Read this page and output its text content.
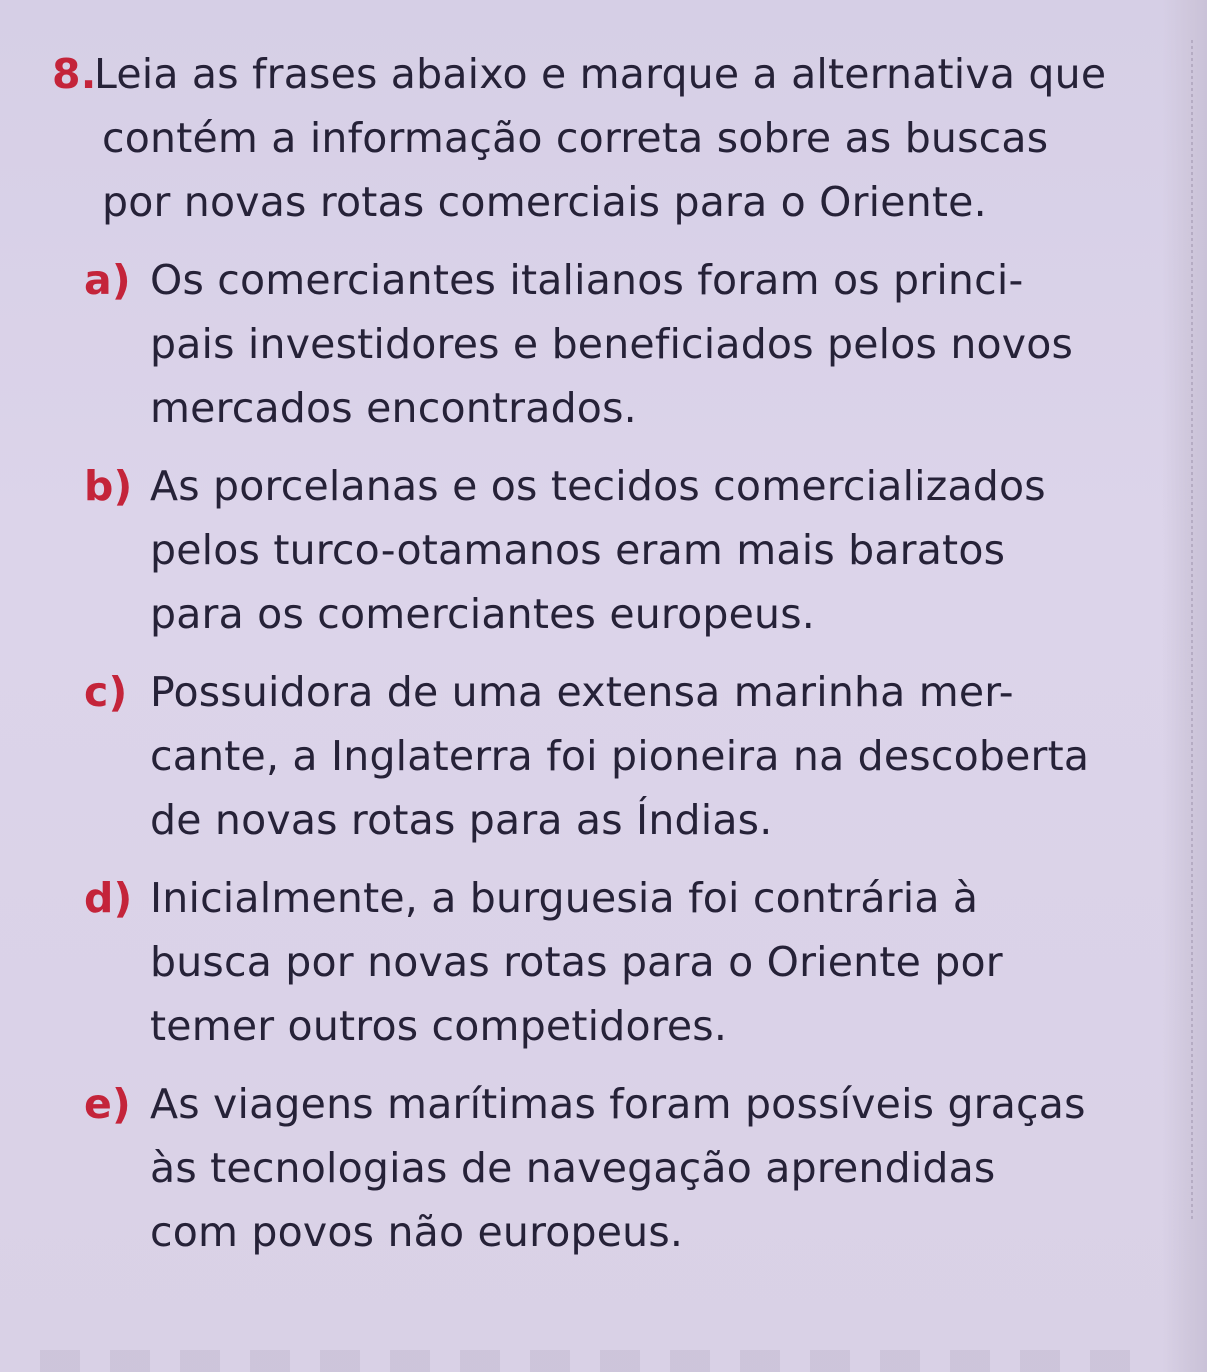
8.Leia as frases abaixo e marque a alternativa que
contém a informação correta sobre as buscas
por novas rotas comerciais para o Oriente.
a) Os comerciantes italianos foram os princi-
pais investidores e beneficiados pelos novos
mercados encontrados.
b) As porcelanas e os tecidos comercializados
pelos turco-otamanos eram mais baratos
para os comerciantes europeus.
c) Possuidora de uma extensa marinha mer-
cante, a Inglaterra foi pioneira na descoberta
de novas rotas para as Índias.
d) Inicialmente, a burguesia foi contrária à
busca por novas rotas para o Oriente por
temer outros competidores.
e) As viagens marítimas foram possíveis graças
às tecnologias de navegação aprendidas
com povos não europeus.
